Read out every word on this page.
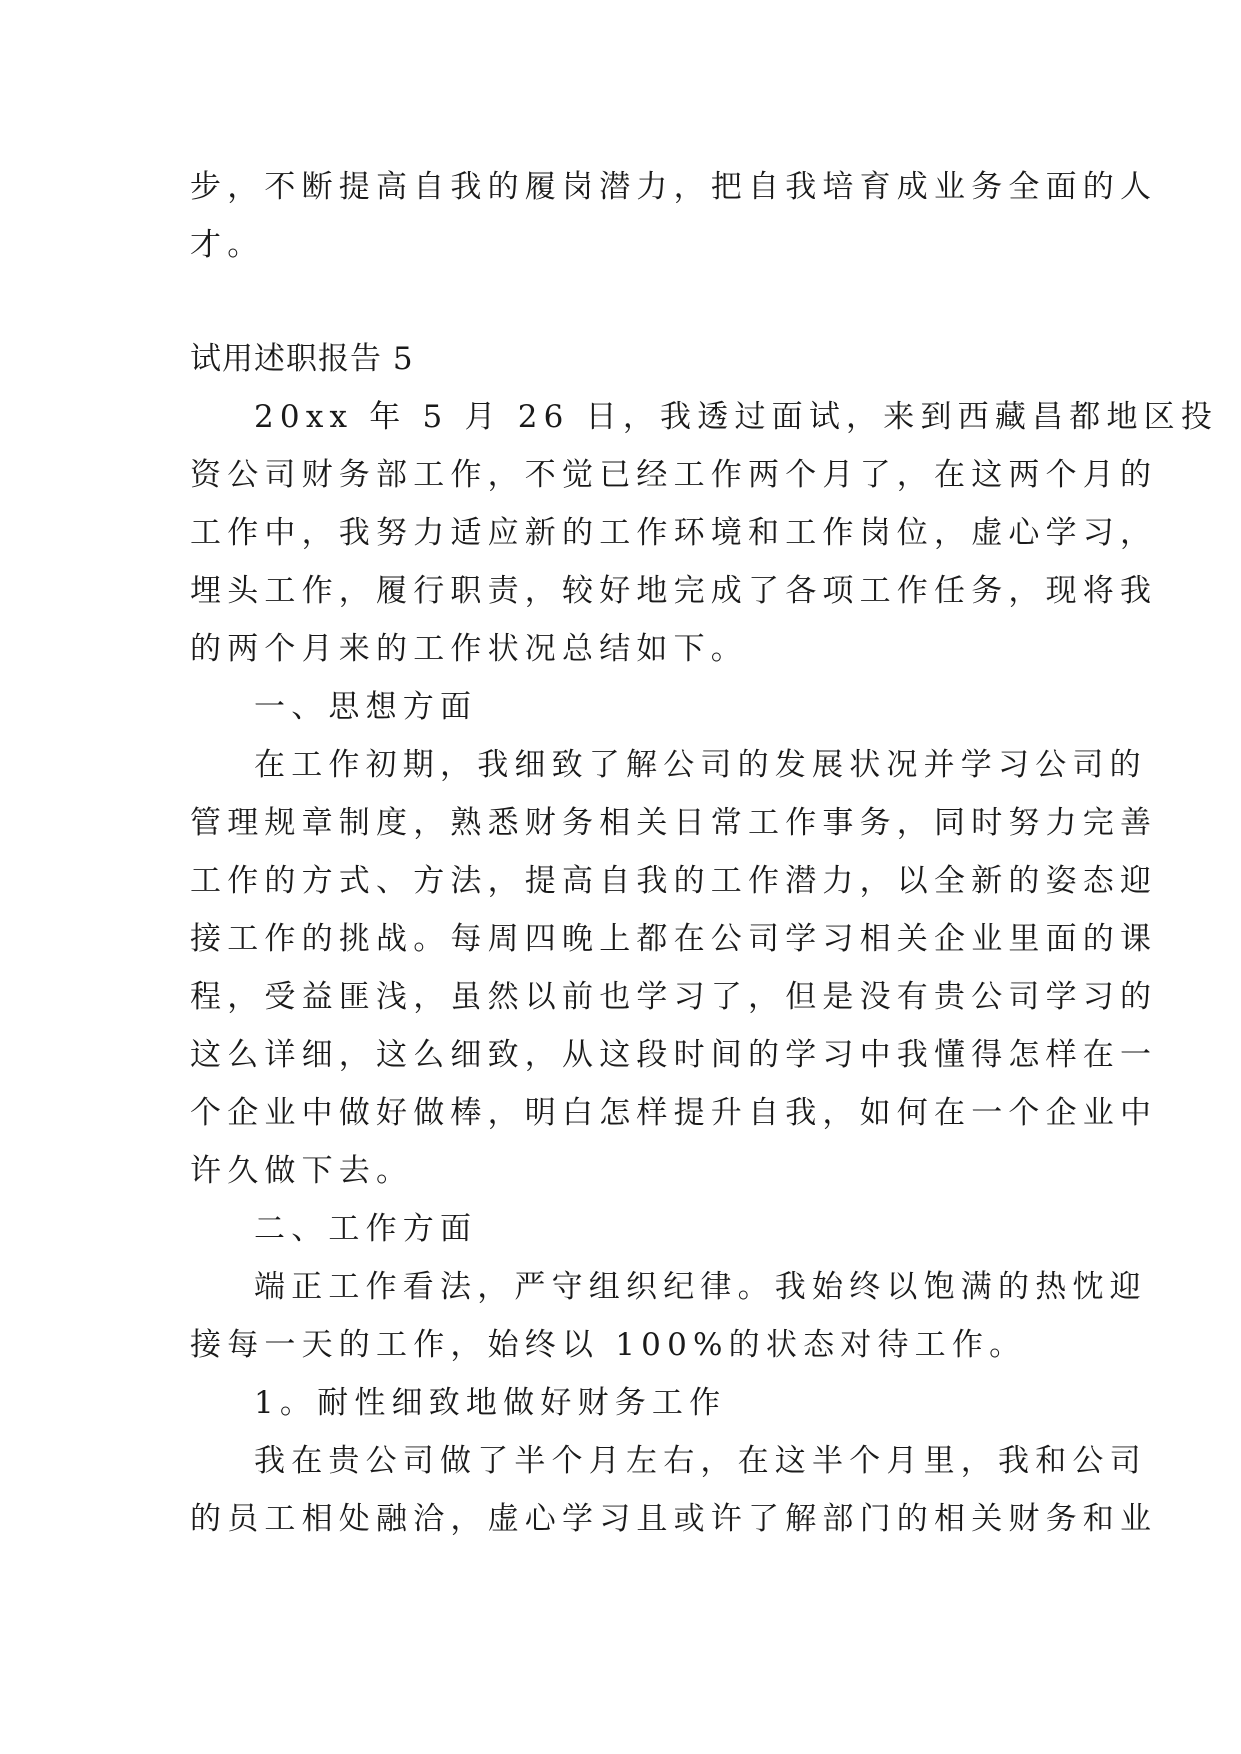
步，不断提高自我的履岗潜力，把自我培育成业务全面的人
才。
试用述职报告 5
20xx 年 5 月 26 日，我透过面试，来到西藏昌都地区投
资公司财务部工作，不觉已经工作两个月了，在这两个月的
工作中，我努力适应新的工作环境和工作岗位，虚心学习，
埋头工作，履行职责，较好地完成了各项工作任务，现将我
的两个月来的工作状况总结如下。
一、思想方面
在工作初期，我细致了解公司的发展状况并学习公司的
管理规章制度，熟悉财务相关日常工作事务，同时努力完善
工作的方式、方法，提高自我的工作潜力，以全新的姿态迎
接工作的挑战。每周四晚上都在公司学习相关企业里面的课
程，受益匪浅，虽然以前也学习了，但是没有贵公司学习的
这么详细，这么细致，从这段时间的学习中我懂得怎样在一
个企业中做好做棒，明白怎样提升自我，如何在一个企业中
许久做下去。
二、工作方面
端正工作看法，严守组织纪律。我始终以饱满的热忱迎
接每一天的工作，始终以 100%的状态对待工作。
1。耐性细致地做好财务工作
我在贵公司做了半个月左右，在这半个月里，我和公司
的员工相处融洽，虚心学习且或许了解部门的相关财务和业
